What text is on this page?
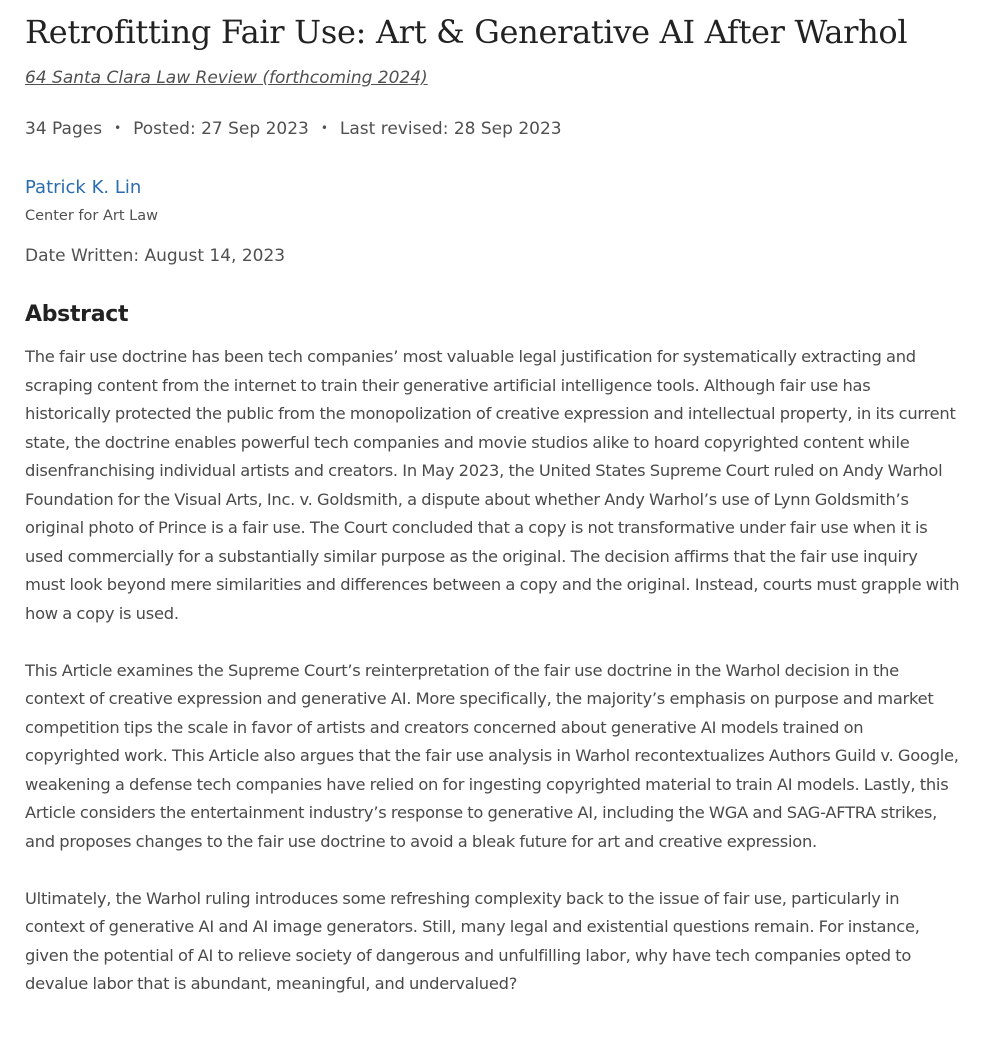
Retrofitting Fair Use: Art & Generative AI After Warhol
64 Santa Clara Law Review (forthcoming 2024)
34 Pages • Posted: 27 Sep 2023 • Last revised: 28 Sep 2023
Patrick K. Lin
Center for Art Law
Date Written: August 14, 2023
Abstract

The fair use doctrine has been tech companies’ most valuable legal justification for systematically extracting and scraping content from the internet to train their generative artificial intelligence tools. Although fair use has historically protected the public from the monopolization of creative expression and intellectual property, in its current state, the doctrine enables powerful tech companies and movie studios alike to hoard copyrighted content while disenfranchising individual artists and creators. In May 2023, the United States Supreme Court ruled on Andy Warhol Foundation for the Visual Arts, Inc. v. Goldsmith, a dispute about whether Andy Warhol’s use of Lynn Goldsmith’s original photo of Prince is a fair use. The Court concluded that a copy is not transformative under fair use when it is used commercially for a substantially similar purpose as the original. The decision affirms that the fair use inquiry must look beyond mere similarities and differences between a copy and the original. Instead, courts must grapple with how a copy is used.

This Article examines the Supreme Court’s reinterpretation of the fair use doctrine in the Warhol decision in the context of creative expression and generative AI. More specifically, the majority’s emphasis on purpose and market competition tips the scale in favor of artists and creators concerned about generative AI models trained on copyrighted work. This Article also argues that the fair use analysis in Warhol recontextualizes Authors Guild v. Google, weakening a defense tech companies have relied on for ingesting copyrighted material to train AI models. Lastly, this Article considers the entertainment industry’s response to generative AI, including the WGA and SAG-AFTRA strikes, and proposes changes to the fair use doctrine to avoid a bleak future for art and creative expression.

Ultimately, the Warhol ruling introduces some refreshing complexity back to the issue of fair use, particularly in context of generative AI and AI image generators. Still, many legal and existential questions remain. For instance, given the potential of AI to relieve society of dangerous and unfulfilling labor, why have tech companies opted to devalue labor that is abundant, meaningful, and undervalued?
